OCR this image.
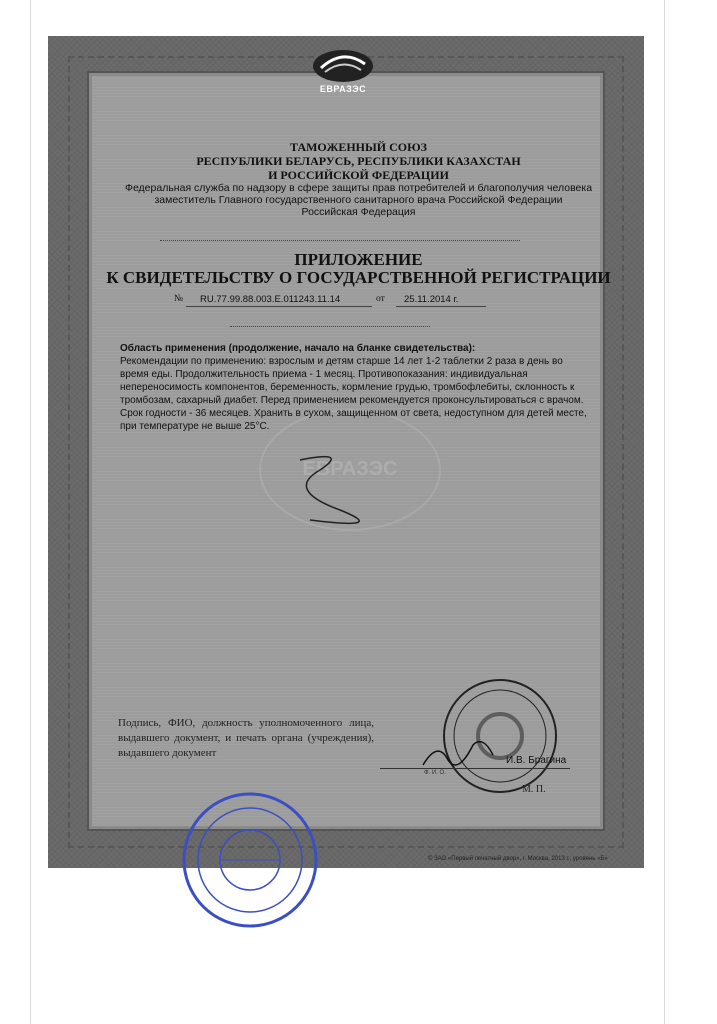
ЕВРАЗЭС
ЕВРАЗЭС
ТАМОЖЕННЫЙ СОЮЗ
РЕСПУБЛИКИ БЕЛАРУСЬ, РЕСПУБЛИКИ КАЗАХСТАН
И РОССИЙСКОЙ ФЕДЕРАЦИИ
Федеральная служба по надзору в сфере защиты прав потребителей и благополучия человека
заместитель Главного государственного санитарного врача Российской Федерации
Российская Федерация
ПРИЛОЖЕНИЕ
К СВИДЕТЕЛЬСТВУ О ГОСУДАРСТВЕННОЙ РЕГИСТРАЦИИ
№ RU.77.99.88.003.Е.011243.11.14	от 25.11.2014 г.
Область применения (продолжение, начало на бланке свидетельства):
Рекомендации по применению: взрослым и детям старше 14 лет 1-2 таблетки 2 раза в день во время еды. Продолжительность приема - 1 месяц. Противопоказания: индивидуальная непереносимость компонентов, беременность, кормление грудью, тромбофлебиты, склонность к тромбозам, сахарный диабет. Перед применением рекомендуется проконсультироваться с врачом. Срок годности - 36 месяцев. Хранить в сухом, защищенном от света, недоступном для детей месте, при температуре не выше 25°С.
Подпись, ФИО, должность уполномоченного лица, выдавшего документ, и печать органа (учреждения), выдавшего документ
И.В. Брагина
Ф. И. О.
М. П.
© ЗАО «Первый печатный двор», г. Москва, 2013 г., уровень «Б»
